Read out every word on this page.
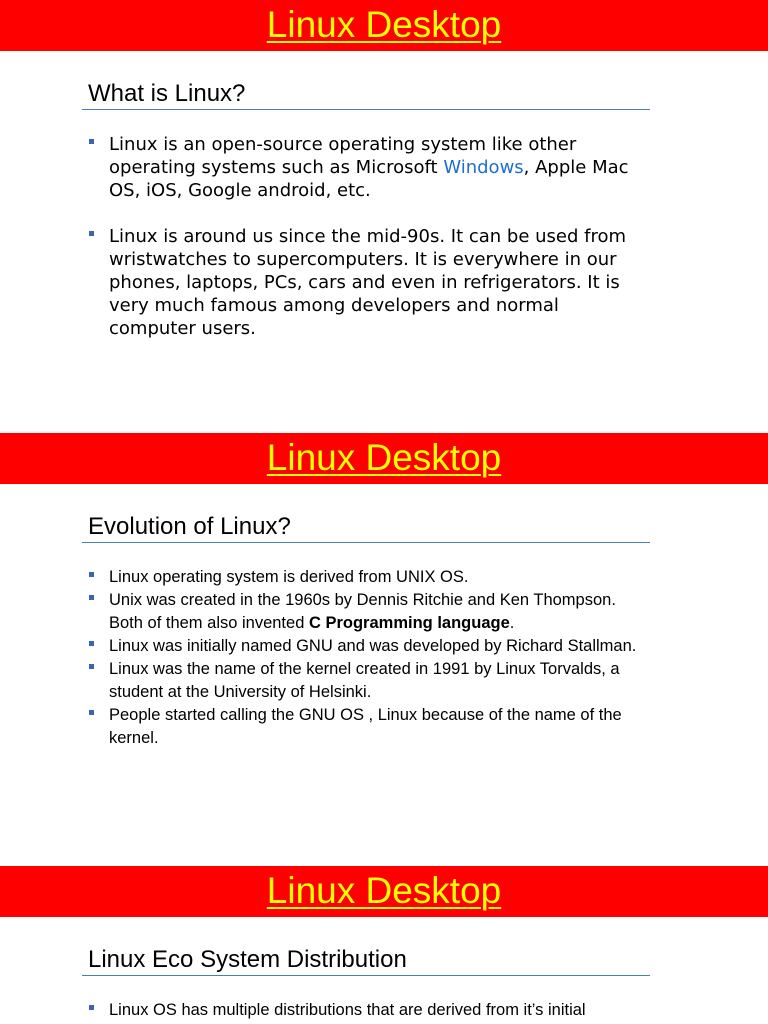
Linux Desktop
What is Linux?
Linux is an open-source operating system like other operating systems such as Microsoft Windows, Apple Mac OS, iOS, Google android, etc.
Linux is around us since the mid-90s. It can be used from wristwatches to supercomputers. It is everywhere in our phones, laptops, PCs, cars and even in refrigerators. It is very much famous among developers and normal computer users.
Linux Desktop
Evolution of Linux?
Linux operating system is derived from UNIX OS.
Unix was created in the 1960s by Dennis Ritchie and Ken Thompson. Both of them also invented C Programming language.
Linux was initially named GNU and was developed by Richard Stallman.
Linux was the name of the kernel created in 1991 by Linux Torvalds, a student at the University of Helsinki.
People started calling the GNU OS , Linux because of the name of the kernel.
Linux Desktop
Linux Eco System Distribution
Linux OS has multiple distributions that are derived from it’s initial
